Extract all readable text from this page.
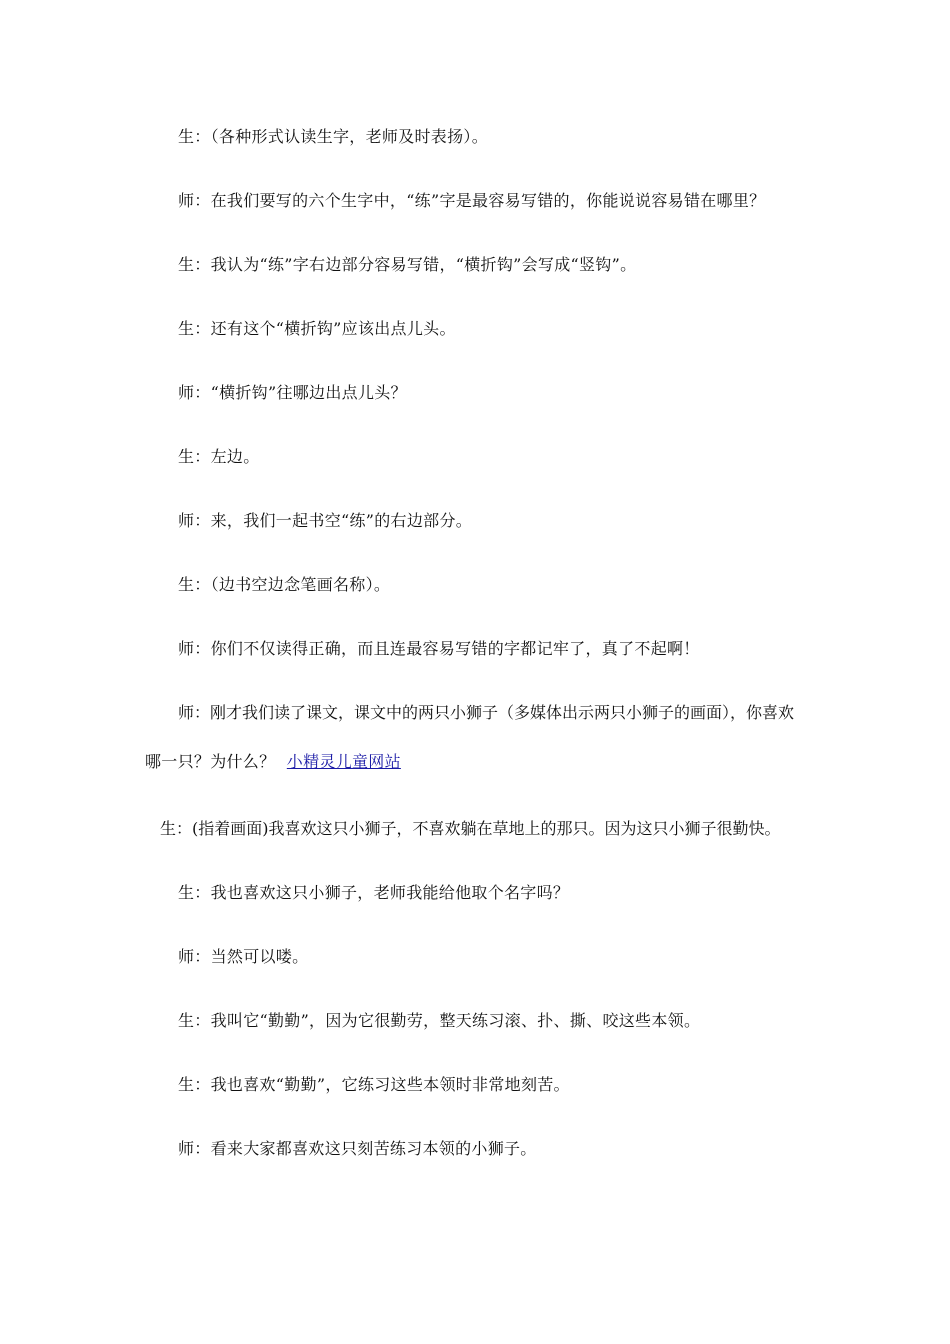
生：（各种形式认读生字，老师及时表扬）。
师：在我们要写的六个生字中，“练”字是最容易写错的，你能说说容易错在哪里？
生：我认为“练”字右边部分容易写错，“横折钩”会写成“竖钩”。
生：还有这个“横折钩”应该出点儿头。
师：“横折钩”往哪边出点儿头？
生：左边。
师：来，我们一起书空“练”的右边部分。
生：（边书空边念笔画名称）。
师：你们不仅读得正确，而且连最容易写错的字都记牢了，真了不起啊！
师：刚才我们读了课文，课文中的两只小狮子（多媒体出示两只小狮子的画面），你喜欢
哪一只？为什么？ 小精灵儿童网站
生：(指着画面)我喜欢这只小狮子，不喜欢躺在草地上的那只。因为这只小狮子很勤快。
生：我也喜欢这只小狮子，老师我能给他取个名字吗？
师：当然可以喽。
生：我叫它“勤勤”，因为它很勤劳，整天练习滚、扑、撕、咬这些本领。
生：我也喜欢“勤勤”，它练习这些本领时非常地刻苦。
师：看来大家都喜欢这只刻苦练习本领的小狮子。
